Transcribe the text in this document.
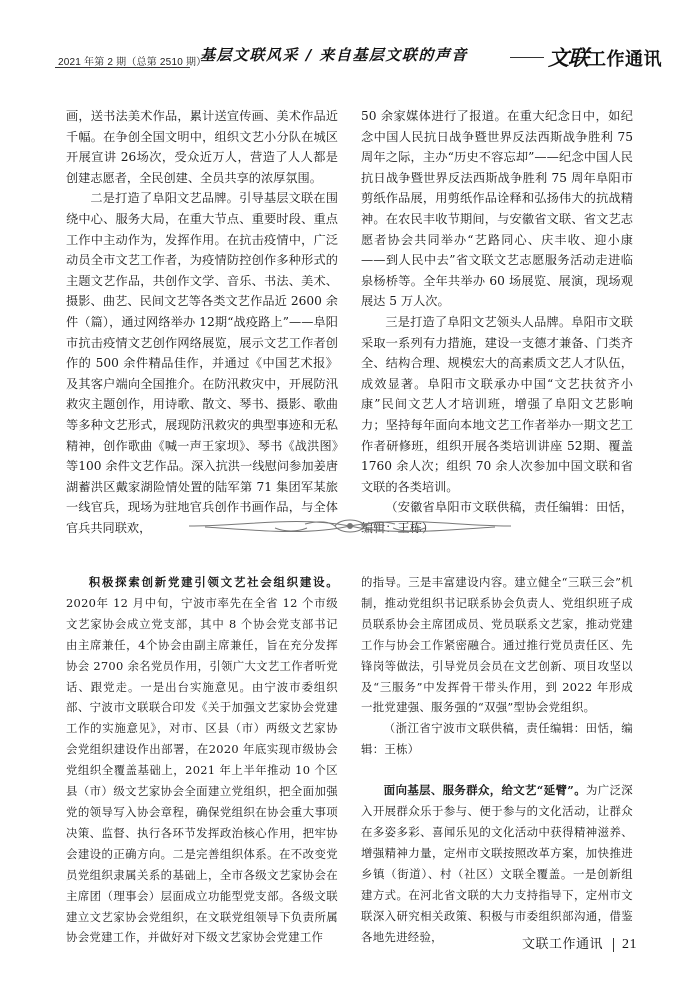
2021 年第 2 期（总第 2510 期）
基层文联风采 / 来自基层文联的声音	文联工作通讯

画，送书法美术作品，累计送宣传画、美术作品近千幅。在争创全国文明中，组织文艺小分队在城区开展宣讲 26场次，受众近万人，营造了人人都是创建志愿者，全民创建、全员共享的浓厚氛围。

二是打造了阜阳文艺品牌。引导基层文联在围绕中心、服务大局，在重大节点、重要时段、重点工作中主动作为，发挥作用。在抗击疫情中，广泛动员全市文艺工作者，为疫情防控创作多种形式的主题文艺作品，共创作文学、音乐、书法、美术、摄影、曲艺、民间文艺等各类文艺作品近 2600 余件（篇），通过网络举办 12期“战疫路上”——阜阳市抗击疫情文艺创作网络展览，展示文艺工作者创作的 500 余件精品佳作，并通过《中国艺术报》及其客户端向全国推介。在防汛救灾中，开展防汛救灾主题创作，用诗歌、散文、琴书、摄影、歌曲等多种文艺形式，展现防汛救灾的典型事迹和无私精神，创作歌曲《喊一声王家坝》、琴书《战洪图》等100 余件文艺作品。深入抗洪一线慰问参加姜唐湖蓄洪区戴家湖险情处置的陆军第 71 集团军某旅一线官兵，现场为驻地官兵创作书画作品，与全体官兵共同联欢，

50 余家媒体进行了报道。在重大纪念日中，如纪念中国人民抗日战争暨世界反法西斯战争胜利 75 周年之际，主办“历史不容忘却”——纪念中国人民抗日战争暨世界反法西斯战争胜利 75 周年阜阳市剪纸作品展，用剪纸作品诠释和弘扬伟大的抗战精神。在农民丰收节期间，与安徽省文联、省文艺志愿者协会共同举办“艺路同心、庆丰收、迎小康——到人民中去”省文联文艺志愿服务活动走进临泉杨桥等。全年共举办 60 场展览、展演，现场观展达 5 万人次。

三是打造了阜阳文艺领头人品牌。阜阳市文联采取一系列有力措施，建设一支德才兼备、门类齐全、结构合理、规模宏大的高素质文艺人才队伍，成效显著。阜阳市文联承办中国“文艺扶贫齐小康”民间文艺人才培训班，增强了阜阳文艺影响力；坚持每年面向本地文艺工作者举办一期文艺工作者研修班，组织开展各类培训讲座 52期、覆盖 1760 余人次；组织 70 余人次参加中国文联和省文联的各类培训。

（安徽省阜阳市文联供稿，责任编辑：田恬，编辑：王栋）

积极探索创新党建引领文艺社会组织建设。2020年 12 月中旬，宁波市率先在全省 12 个市级文艺家协会成立党支部，其中 8 个协会党支部书记由主席兼任，4个协会由副主席兼任，旨在充分发挥协会 2700 余名党员作用，引领广大文艺工作者听党话、跟党走。一是出台实施意见。由宁波市委组织部、宁波市文联联合印发《关于加强文艺家协会党建工作的实施意见》，对市、区县（市）两级文艺家协会党组织建设作出部署，在2020 年底实现市级协会党组织全覆盖基础上，2021 年上半年推动 10 个区县（市）级文艺家协会全面建立党组织，把全面加强党的领导写入协会章程，确保党组织在协会重大事项决策、监督、执行各环节发挥政治核心作用，把牢协会建设的正确方向。二是完善组织体系。在不改变党员党组织隶属关系的基础上，全市各级文艺家协会在主席团（理事会）层面成立功能型党支部。各级文联建立文艺家协会党组织，在文联党组领导下负责所属协会党建工作，并做好对下级文艺家协会党建工作

的指导。三是丰富建设内容。建立健全“三联三会”机制，推动党组织书记联系协会负责人、党组织班子成员联系协会主席团成员、党员联系文艺家，推动党建工作与协会工作紧密融合。通过推行党员责任区、先锋岗等做法，引导党员会员在文艺创新、项目攻坚以及“三服务”中发挥骨干带头作用，到 2022 年形成一批党建强、服务强的“双强”型协会党组织。

（浙江省宁波市文联供稿，责任编辑：田恬，编辑：王栋）

面向基层、服务群众，给文艺“延臂”。为广泛深入开展群众乐于参与、便于参与的文化活动，让群众在多姿多彩、喜闻乐见的文化活动中获得精神滋养、增强精神力量，定州市文联按照改革方案，加快推进乡镇（街道）、村（社区）文联全覆盖。一是创新组建方式。在河北省文联的大力支持指导下，定州市文联深入研究相关政策、积极与市委组织部沟通，借鉴各地先进经验，

文联工作通讯 21
